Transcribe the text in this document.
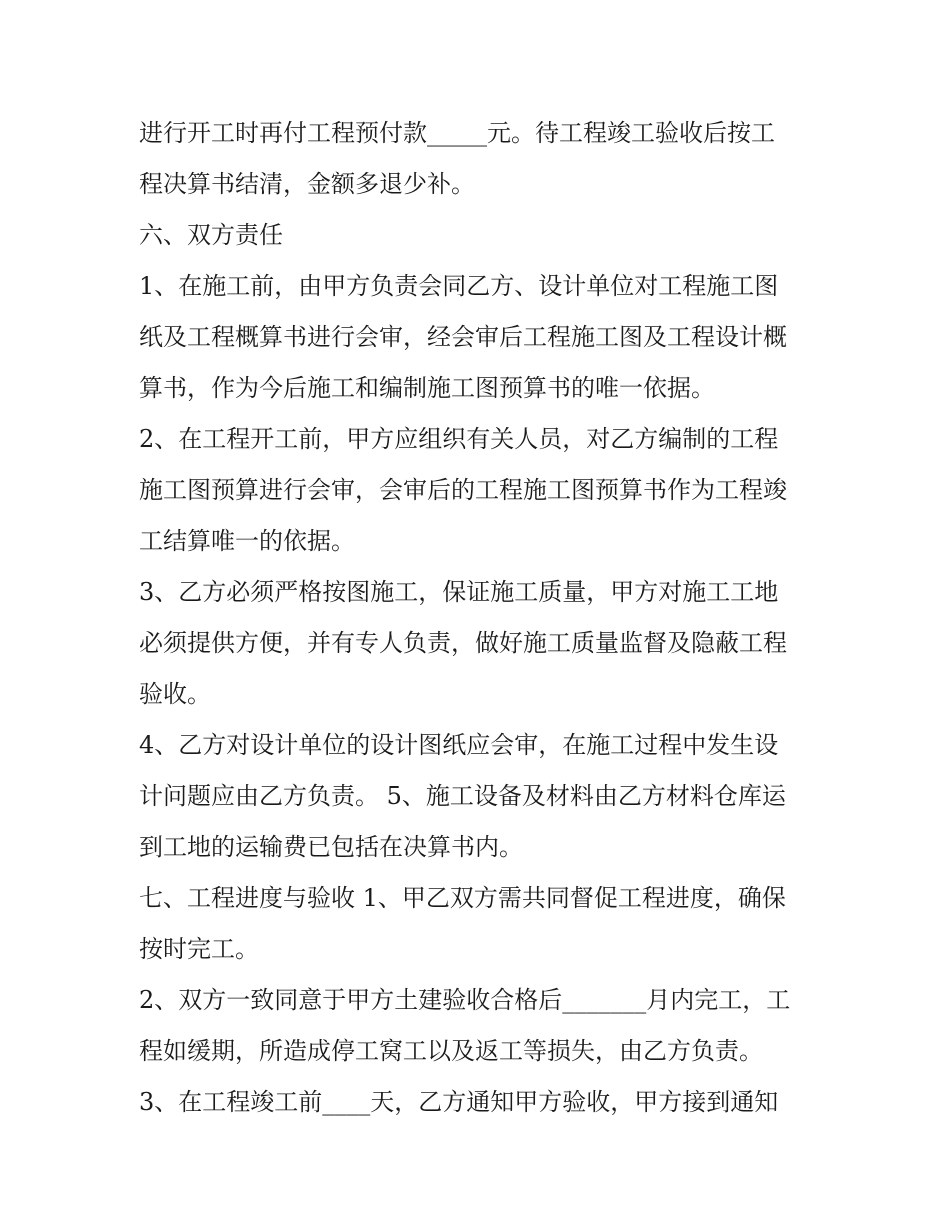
进行开工时再付工程预付款_____元。待工程竣工验收后按工
程决算书结清，金额多退少补。
六、双方责任
1、在施工前，由甲方负责会同乙方、设计单位对工程施工图
纸及工程概算书进行会审，经会审后工程施工图及工程设计概
算书，作为今后施工和编制施工图预算书的唯一依据。
2、在工程开工前，甲方应组织有关人员，对乙方编制的工程
施工图预算进行会审，会审后的工程施工图预算书作为工程竣
工结算唯一的依据。
3、乙方必须严格按图施工，保证施工质量，甲方对施工工地
必须提供方便，并有专人负责，做好施工质量监督及隐蔽工程
验收。
4、乙方对设计单位的设计图纸应会审，在施工过程中发生设
计问题应由乙方负责。 5、施工设备及材料由乙方材料仓库运
到工地的运输费已包括在决算书内。
七、工程进度与验收 1、甲乙双方需共同督促工程进度，确保
按时完工。
2、双方一致同意于甲方土建验收合格后_______月内完工，工
程如缓期，所造成停工窝工以及返工等损失，由乙方负责。
3、在工程竣工前____天，乙方通知甲方验收，甲方接到通知
